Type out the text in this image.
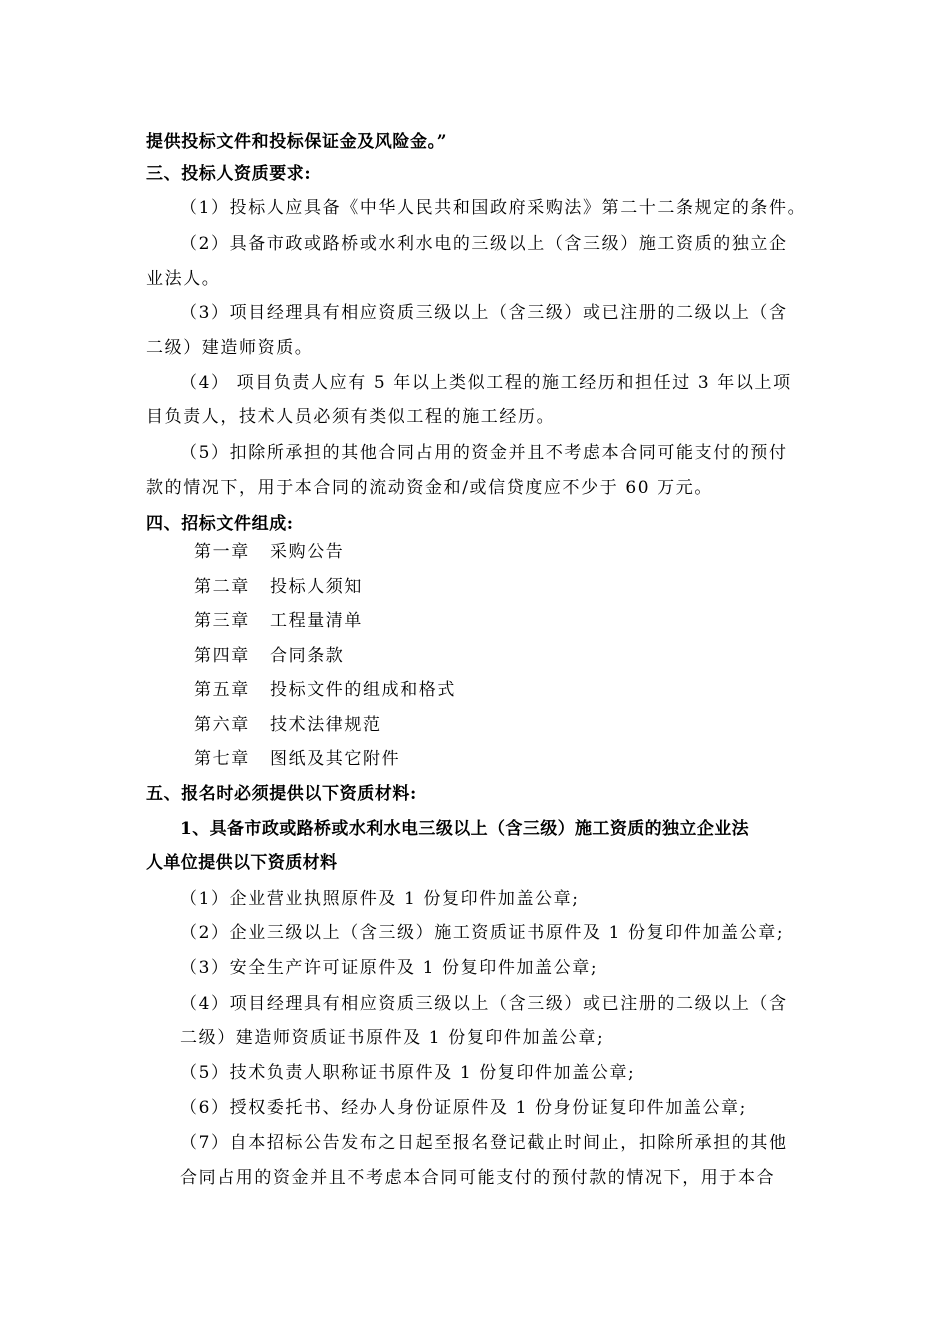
提供投标文件和投标保证金及风险金。”
三、投标人资质要求:
（1）投标人应具备《中华人民共和国政府采购法》第二十二条规定的条件。
（2）具备市政或路桥或水利水电的三级以上（含三级）施工资质的独立企
业法人。
（3）项目经理具有相应资质三级以上（含三级）或已注册的二级以上（含
二级）建造师资质。
（4） 项目负责人应有 5 年以上类似工程的施工经历和担任过 3 年以上项
目负责人，技术人员必须有类似工程的施工经历。
（5）扣除所承担的其他合同占用的资金并且不考虑本合同可能支付的预付
款的情况下，用于本合同的流动资金和/或信贷度应不少于 60 万元。
四、招标文件组成:
第一章 采购公告
第二章 投标人须知
第三章 工程量清单
第四章 合同条款
第五章 投标文件的组成和格式
第六章 技术法律规范
第七章 图纸及其它附件
五、报名时必须提供以下资质材料:
1、具备市政或路桥或水利水电三级以上（含三级）施工资质的独立企业法
人单位提供以下资质材料
（1）企业营业执照原件及 1 份复印件加盖公章;
（2）企业三级以上（含三级）施工资质证书原件及 1 份复印件加盖公章;
（3）安全生产许可证原件及 1 份复印件加盖公章;
（4）项目经理具有相应资质三级以上（含三级）或已注册的二级以上（含
二级）建造师资质证书原件及 1 份复印件加盖公章;
（5）技术负责人职称证书原件及 1 份复印件加盖公章;
（6）授权委托书、经办人身份证原件及 1 份身份证复印件加盖公章;
（7）自本招标公告发布之日起至报名登记截止时间止，扣除所承担的其他
合同占用的资金并且不考虑本合同可能支付的预付款的情况下，用于本合
